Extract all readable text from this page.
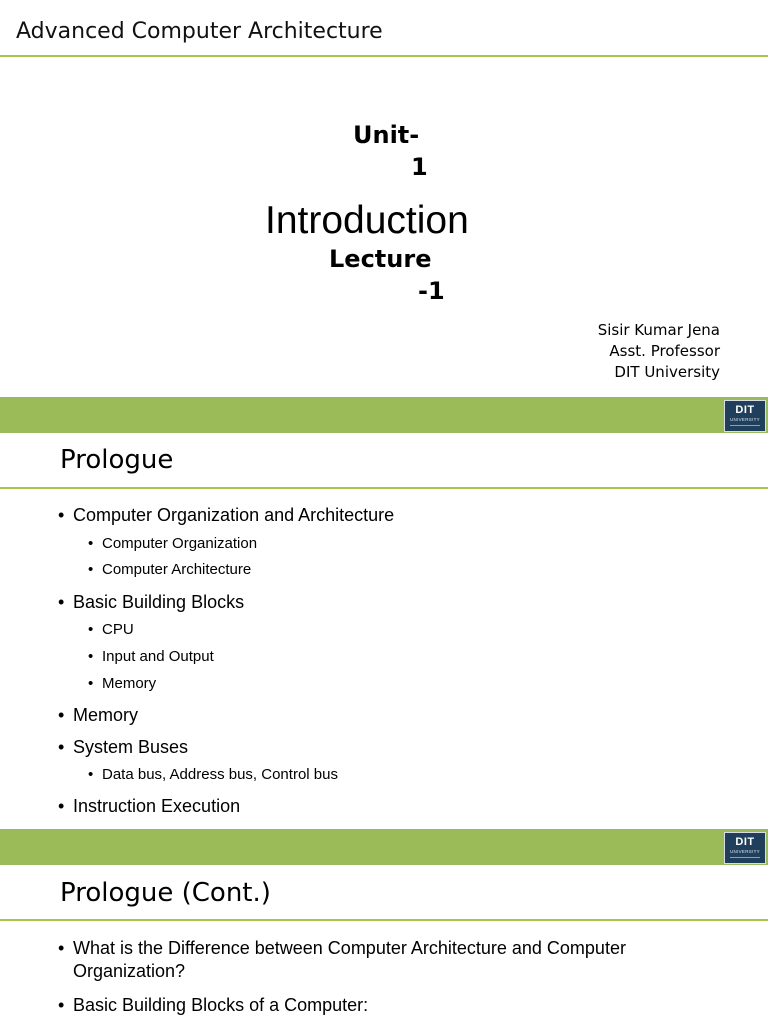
Advanced Computer Architecture
Unit-
1
Introduction
Lecture
-1
Sisir Kumar Jena
Asst. Professor
DIT University
DIT
UNIVERSITY
Prologue
• Computer Organization and Architecture
• Computer Organization
• Computer Architecture
• Basic Building Blocks
• CPU
• Input and Output
• Memory
• Memory
• System Buses
• Data bus, Address bus, Control bus
• Instruction Execution
DIT
UNIVERSITY
Prologue (Cont.)
• What is the Difference between Computer Architecture and Computer
Organization?
• Basic Building Blocks of a Computer:
